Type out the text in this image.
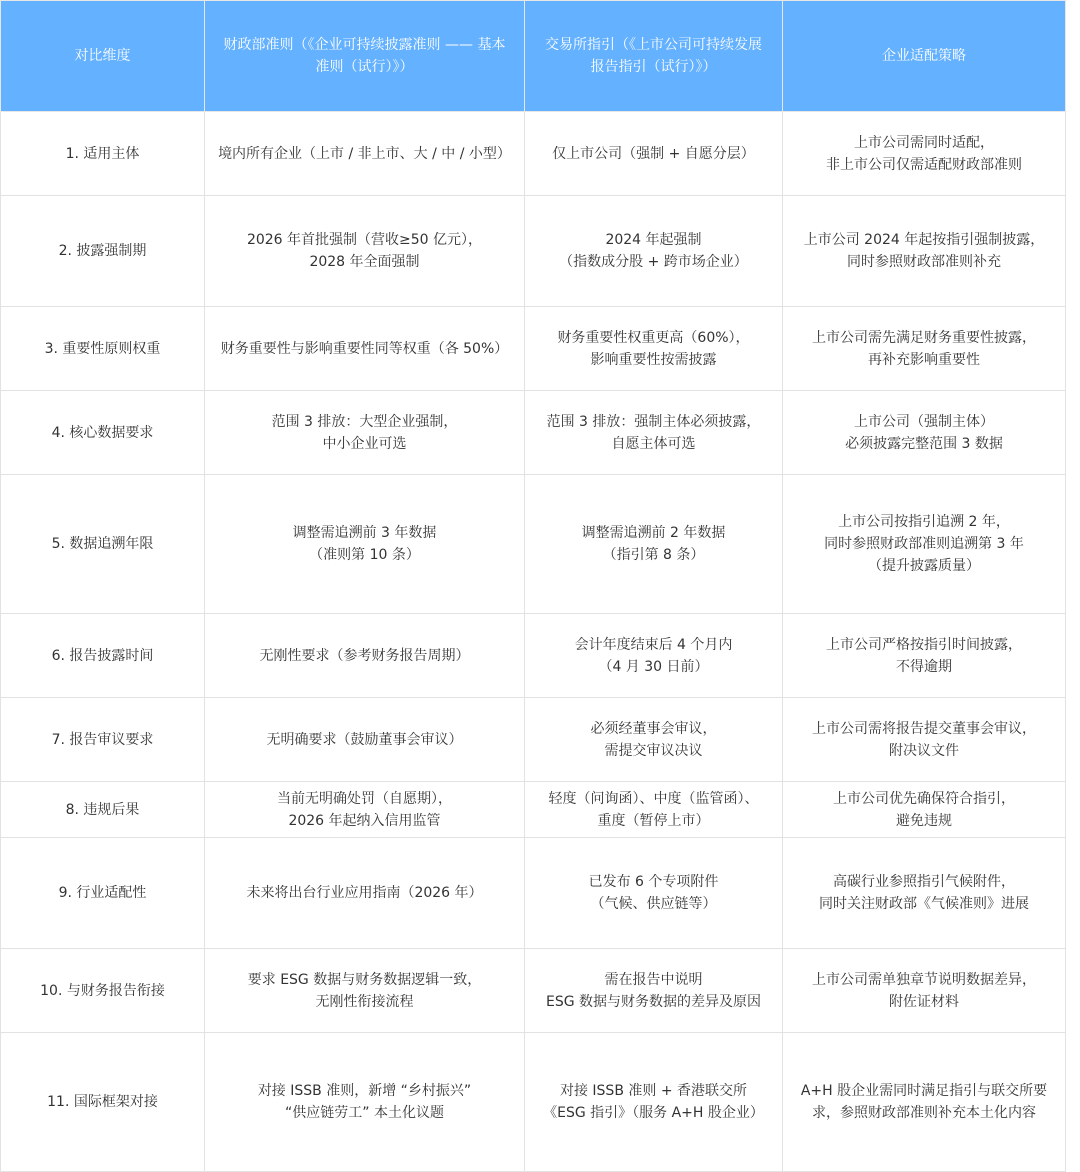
对比维度	财政部准则（《企业可持续披露准则 —— 基本
准则（试行）》）	交易所指引（《上市公司可持续发展
报告指引（试行）》）	企业适配策略
1. 适用主体	境内所有企业（上市 / 非上市、大 / 中 / 小型）	仅上市公司（强制 + 自愿分层）	上市公司需同时适配，
非上市公司仅需适配财政部准则
2. 披露强制期	2026 年首批强制（营收≥50 亿元），
2028 年全面强制	2024 年起强制
（指数成分股 + 跨市场企业）	上市公司 2024 年起按指引强制披露，
同时参照财政部准则补充
3. 重要性原则权重	财务重要性与影响重要性同等权重（各 50%）	财务重要性权重更高（60%），
影响重要性按需披露	上市公司需先满足财务重要性披露，
再补充影响重要性
4. 核心数据要求	范围 3 排放：大型企业强制，
中小企业可选	范围 3 排放：强制主体必须披露，
自愿主体可选	上市公司（强制主体）
必须披露完整范围 3 数据
5. 数据追溯年限	调整需追溯前 3 年数据
（准则第 10 条）	调整需追溯前 2 年数据
（指引第 8 条）	上市公司按指引追溯 2 年，
同时参照财政部准则追溯第 3 年
（提升披露质量）
6. 报告披露时间	无刚性要求（参考财务报告周期）	会计年度结束后 4 个月内
（4 月 30 日前）	上市公司严格按指引时间披露，
不得逾期
7. 报告审议要求	无明确要求（鼓励董事会审议）	必须经董事会审议，
需提交审议决议	上市公司需将报告提交董事会审议，
附决议文件
8. 违规后果	当前无明确处罚（自愿期），
2026 年起纳入信用监管	轻度（问询函）、中度（监管函）、
重度（暂停上市）	上市公司优先确保符合指引，
避免违规
9. 行业适配性	未来将出台行业应用指南（2026 年）	已发布 6 个专项附件
（气候、供应链等）	高碳行业参照指引气候附件，
同时关注财政部《气候准则》进展
10. 与财务报告衔接	要求 ESG 数据与财务数据逻辑一致，
无刚性衔接流程	需在报告中说明
ESG 数据与财务数据的差异及原因	上市公司需单独章节说明数据差异，
附佐证材料
11. 国际框架对接	对接 ISSB 准则，新增 “乡村振兴”
“供应链劳工” 本土化议题	对接 ISSB 准则 + 香港联交所
《ESG 指引》（服务 A+H 股企业）	A+H 股企业需同时满足指引与联交所要
求，参照财政部准则补充本土化内容
